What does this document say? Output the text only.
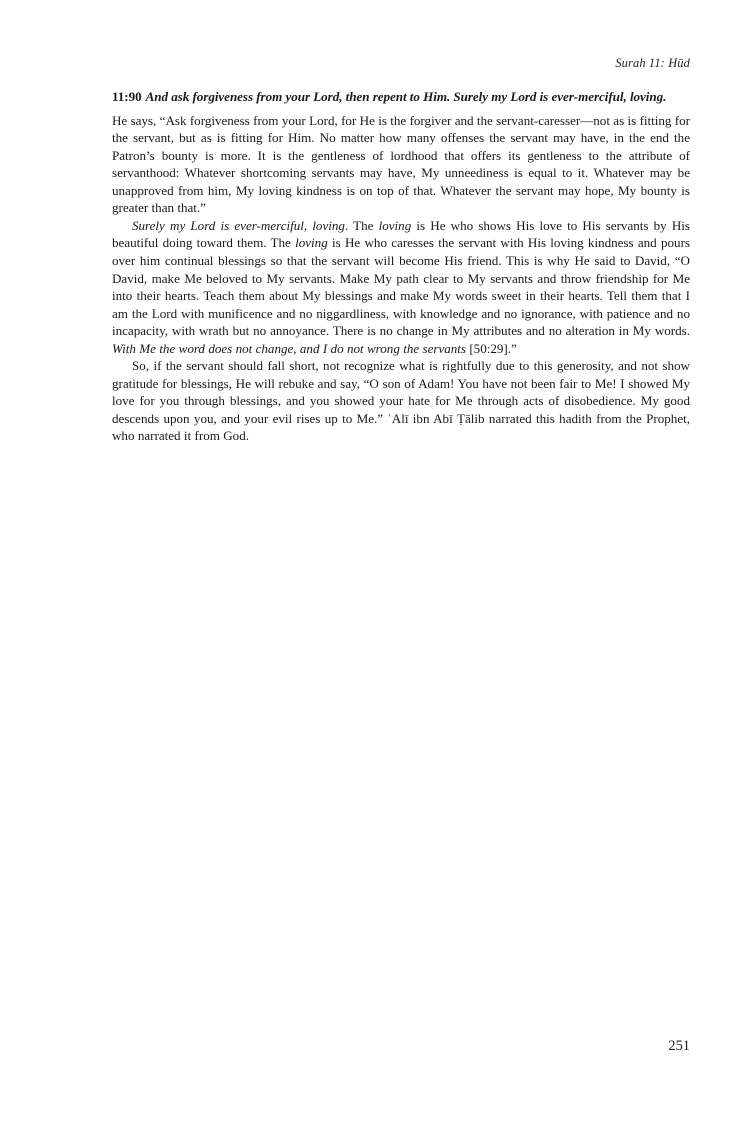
Surah 11: Hūd
11:90 And ask forgiveness from your Lord, then repent to Him. Surely my Lord is ever-merciful, loving.

He says, “Ask forgiveness from your Lord, for He is the forgiver and the servant-caresser—not as is fitting for the servant, but as is fitting for Him. No matter how many offenses the servant may have, in the end the Patron’s bounty is more. It is the gentleness of lordhood that offers its gentleness to the attribute of servanthood: Whatever shortcoming servants may have, My unneediness is equal to it. Whatever may be unapproved from him, My loving kindness is on top of that. Whatever the servant may hope, My bounty is greater than that.”

Surely my Lord is ever-merciful, loving. The loving is He who shows His love to His servants by His beautiful doing toward them. The loving is He who caresses the servant with His loving kindness and pours over him continual blessings so that the servant will become His friend. This is why He said to David, “O David, make Me beloved to My servants. Make My path clear to My servants and throw friendship for Me into their hearts. Teach them about My blessings and make My words sweet in their hearts. Tell them that I am the Lord with munificence and no niggardliness, with knowledge and no ignorance, with patience and no incapacity, with wrath but no annoyance. There is no change in My attributes and no alteration in My words. With Me the word does not change, and I do not wrong the servants [50:29].”

So, if the servant should fall short, not recognize what is rightfully due to this generosity, and not show gratitude for blessings, He will rebuke and say, “O son of Adam! You have not been fair to Me! I showed My love for you through blessings, and you showed your hate for Me through acts of disobedience. My good descends upon you, and your evil rises up to Me.” ʿAlī ibn Abī Ṭālib narrated this hadith from the Prophet, who narrated it from God.

251
